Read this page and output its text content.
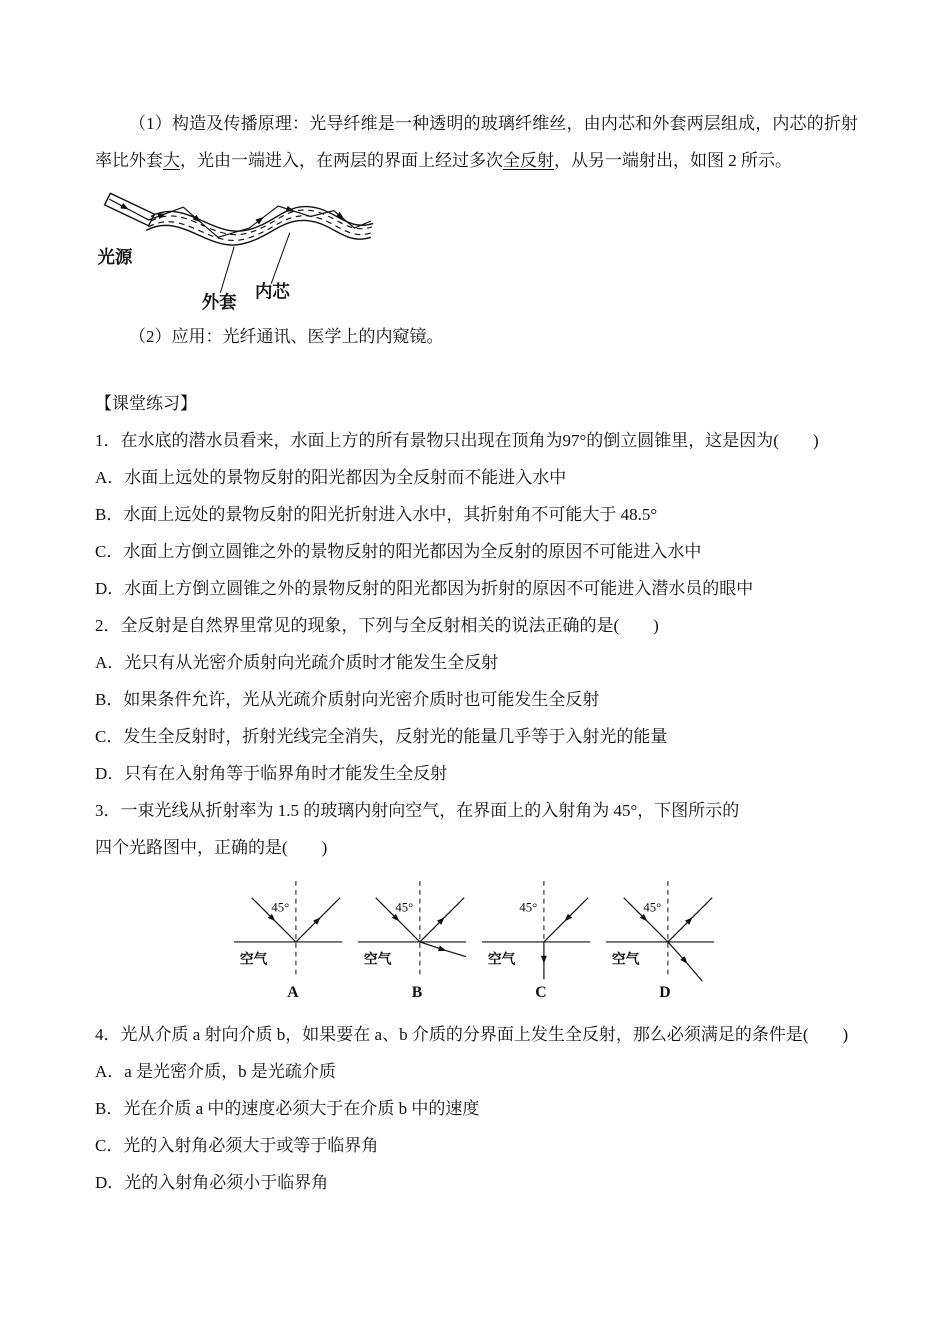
（1）构造及传播原理：光导纤维是一种透明的玻璃纤维丝，由内芯和外套两层组成，内芯的折射率比外套大，光由一端进入，在两层的界面上经过多次全反射，从另一端射出，如图 2 所示。

光源
外套
内芯

（2）应用：光纤通讯、医学上的内窥镜。

【课堂练习】

1．在水底的潜水员看来，水面上方的所有景物只出现在顶角为97°的倒立圆锥里，这是因为(　　)

A．水面上远处的景物反射的阳光都因为全反射而不能进入水中

B．水面上远处的景物反射的阳光折射进入水中，其折射角不可能大于 48.5°

C．水面上方倒立圆锥之外的景物反射的阳光都因为全反射的原因不可能进入水中

D．水面上方倒立圆锥之外的景物反射的阳光都因为折射的原因不可能进入潜水员的眼中

2．全反射是自然界里常见的现象，下列与全反射相关的说法正确的是(　　)

A．光只有从光密介质射向光疏介质时才能发生全反射

B．如果条件允许，光从光疏介质射向光密介质时也可能发生全反射

C．发生全反射时，折射光线完全消失，反射光的能量几乎等于入射光的能量

D．只有在入射角等于临界角时才能发生全反射

3．一束光线从折射率为 1.5 的玻璃内射向空气，在界面上的入射角为 45°，下图所示的

四个光路图中，正确的是(　　)

45°
空气
A
45°
空气
B
45°
空气
C
45°
空气
D

4．光从介质 a 射向介质 b，如果要在 a、b 介质的分界面上发生全反射，那么必须满足的条件是(　　)

A．a 是光密介质，b 是光疏介质

B．光在介质 a 中的速度必须大于在介质 b 中的速度

C．光的入射角必须大于或等于临界角

D．光的入射角必须小于临界角
